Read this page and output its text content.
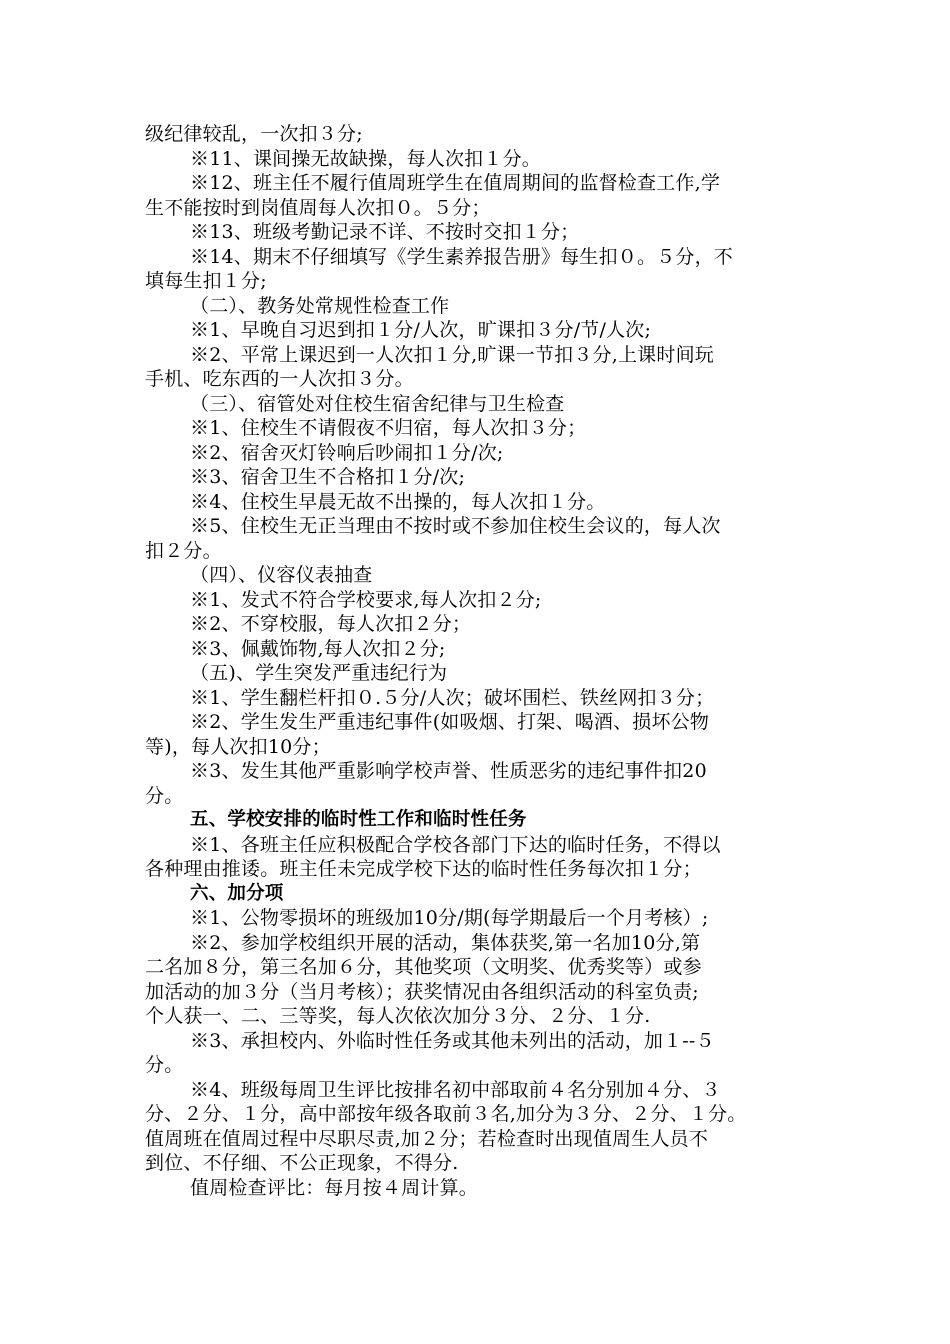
级纪律较乱，一次扣３分;

※11、课间操无故缺操，每人次扣１分。

※12、班主任不履行值周班学生在值周期间的监督检查工作,学

生不能按时到岗值周每人次扣０。５分；

※13、班级考勤记录不详、不按时交扣１分；

※14、期末不仔细填写《学生素养报告册》每生扣０。５分，不

填每生扣１分;

（二）、教务处常规性检查工作

※1、早晚自习迟到扣１分/人次，旷课扣３分/节/人次;

※2、平常上课迟到一人次扣１分,旷课一节扣３分,上课时间玩

手机、吃东西的一人次扣３分。

（三）、宿管处对住校生宿舍纪律与卫生检查

※1、住校生不请假夜不归宿，每人次扣３分；

※2、宿舍灭灯铃响后吵闹扣１分/次;

※3、宿舍卫生不合格扣１分/次;

※4、住校生早晨无故不出操的，每人次扣１分。

※5、住校生无正当理由不按时或不参加住校生会议的，每人次

扣２分。

（四）、仪容仪表抽查

※1、发式不符合学校要求,每人次扣２分;

※2、不穿校服，每人次扣２分；

※3、佩戴饰物,每人次扣２分;

（五)、学生突发严重违纪行为

※1、学生翻栏杆扣０.５分/人次；破坏围栏、铁丝网扣３分；

※2、学生发生严重违纪事件(如吸烟、打架、喝酒、损坏公物

等)，每人次扣10分；

※3、发生其他严重影响学校声誉、性质恶劣的违纪事件扣20

分。

五、学校安排的临时性工作和临时性任务

※1、各班主任应积极配合学校各部门下达的临时任务，不得以

各种理由推诿。班主任未完成学校下达的临时性任务每次扣１分；

六、加分项

※1、公物零损坏的班级加10分/期(每学期最后一个月考核）;

※2、参加学校组织开展的活动，集体获奖,第一名加10分,第

二名加８分，第三名加６分，其他奖项（文明奖、优秀奖等）或参

加活动的加３分（当月考核）；获奖情况由各组织活动的科室负责;

个人获一、二、三等奖，每人次依次加分３分、２分、１分.

※3、承担校内、外临时性任务或其他未列出的活动，加１--５

分。

※4、班级每周卫生评比按排名初中部取前４名分别加４分、３

分、２分、１分，高中部按年级各取前３名,加分为３分、２分、１分。

值周班在值周过程中尽职尽责,加２分；若检查时出现值周生人员不

到位、不仔细、不公正现象，不得分.

值周检查评比：每月按４周计算。
